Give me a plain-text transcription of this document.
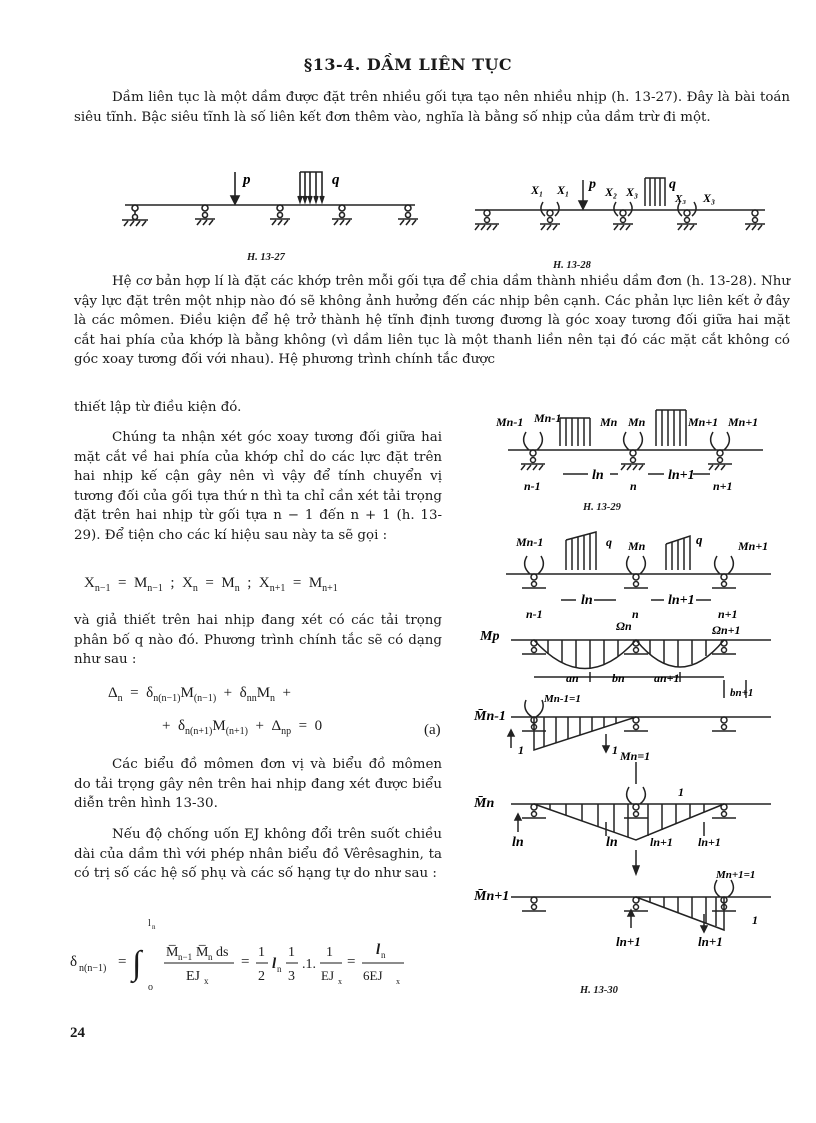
§13-4. DẦM LIÊN TỤC
Dầm liên tục là một dầm được đặt trên nhiều gối tựa tạo nên nhiều nhịp (h. 13-27). Đây là bài toán siêu tĩnh. Bậc siêu tĩnh là số liên kết đơn thêm vào, nghĩa là bằng số nhịp của dầm trừ đi một.
p	q
H. 13-27
X₁ X₁ p X₂ X₃ q
X₃ X₃
H. 13-28
Hệ cơ bản hợp lí là đặt các khớp trên mỗi gối tựa để chia dầm thành nhiều dầm đơn (h. 13-28). Như vậy lực đặt trên một nhịp nào đó sẽ không ảnh hưởng đến các nhịp bên cạnh. Các phản lực liên kết ở đây là các mômen. Điều kiện để hệ trở thành hệ tĩnh định tương đương là góc xoay tương đối giữa hai mặt cắt hai phía của khớp là bằng không (vì dầm liên tục là một thanh liền nên tại đó các mặt cắt không có góc xoay tương đối với nhau). Hệ phương trình chính tắc được
thiết lập từ điều kiện đó.
Chúng ta nhận xét góc xoay tương đối giữa hai mặt cắt về hai phía của khớp chỉ do các lực đặt trên hai nhịp kế cận gây nên vì vậy để tính chuyển vị tương đối của gối tựa thứ n thì ta chỉ cần xét tải trọng đặt trên hai nhịp từ gối tựa n − 1 đến n + 1 (h. 13-29). Để tiện cho các kí hiệu sau này ta sẽ gọi :
$X_{n-1} = M_{n-1}$  ;  $X_n = M_n$  ;  $X_{n+1} = M_{n+1}$
và giả thiết trên hai nhịp đang xét có các tải trọng phân bố q nào đó. Phương trình chính tắc sẽ có dạng như sau :
$\Delta_n = \delta_{n(n-1)}M_{(n-1)} + \delta_{nn}M_n$  +
+  $\delta_{n(n+1)}M_{(n+1)} + \Delta_{np} = 0$	(a)
Các biểu đồ mômen đơn vị và biểu đồ mômen do tải trọng gây nên trên hai nhịp đang xét được biểu diễn trên hình 13-30.
Nếu độ chống uốn EJ không đổi trên suốt chiều dài của dầm thì với phép nhân biểu đồ Vêrêsaghin, ta có trị số các hệ số phụ và các số hạng tự do như sau :
δ n(n−1) = ∫
l n
o
M̅ n−1 M̅ n ds
EJ x
=
1
2
l n
1
3
.1.
1
EJ x
=
l n
6EJ x
Mn-1 Mn-1	Mn Mn	Mn+1 Mn+1
ln	ln+1
n-1	n	n+1
H. 13-29
Mn-1	q Mn	q	Mn+1
ln	ln+1
n-1	n	n+1
Mp
Ωn	Ωn+1
an	bn an+1
bn+1
M̄n-1
Mn-1=1
1	1
M̄n
Mn=1
1
ln	ln	ln+1 ln+1
M̄n+1
Mn+1=1
1
ln+1	ln+1
H. 13-30
24
